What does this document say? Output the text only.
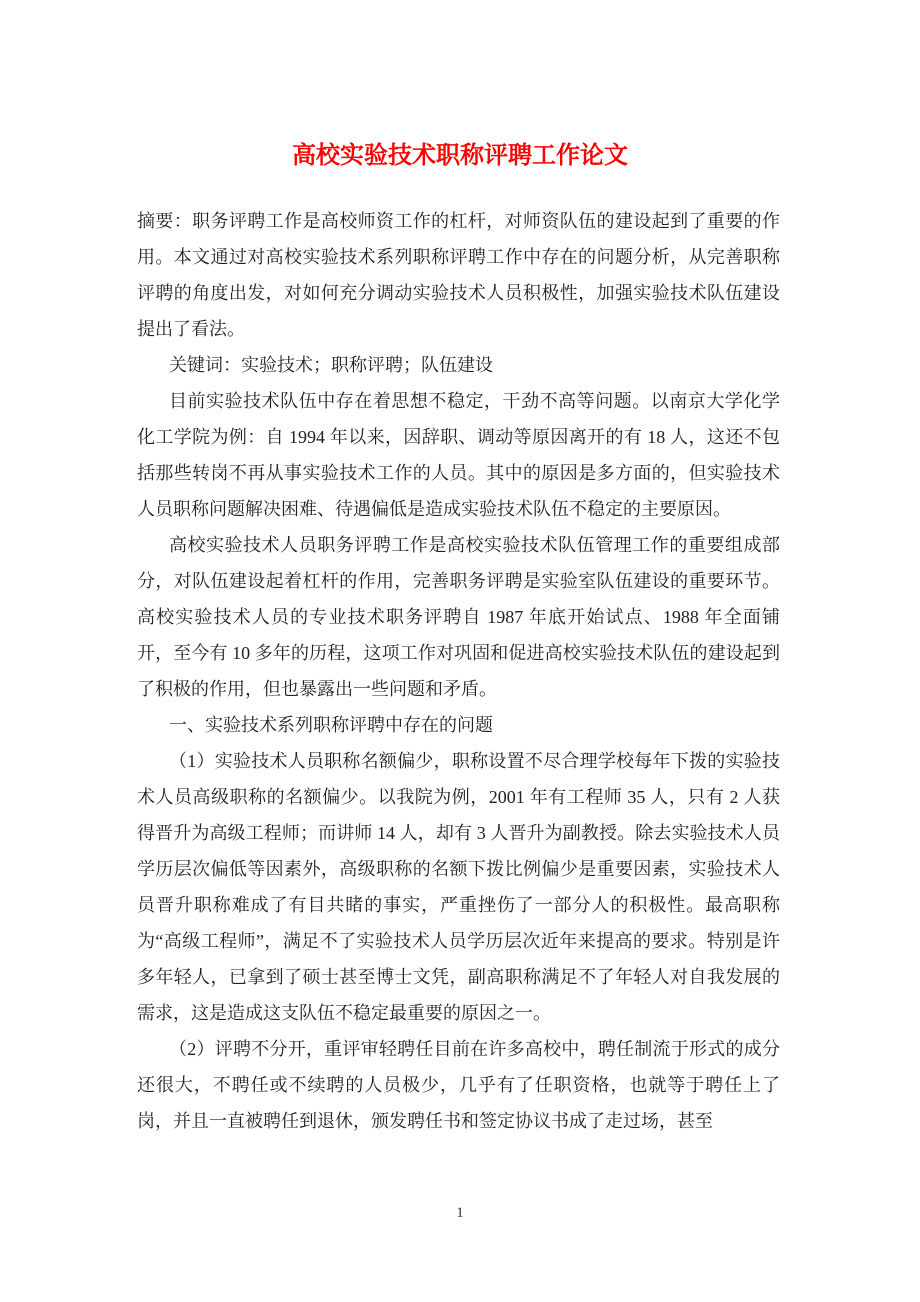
高校实验技术职称评聘工作论文

摘要：职务评聘工作是高校师资工作的杠杆，对师资队伍的建设起到了重要的作用。本文通过对高校实验技术系列职称评聘工作中存在的问题分析，从完善职称评聘的角度出发，对如何充分调动实验技术人员积极性，加强实验技术队伍建设提出了看法。

关键词：实验技术；职称评聘；队伍建设

目前实验技术队伍中存在着思想不稳定，干劲不高等问题。以南京大学化学化工学院为例：自 1994 年以来，因辞职、调动等原因离开的有 18 人，这还不包括那些转岗不再从事实验技术工作的人员。其中的原因是多方面的，但实验技术人员职称问题解决困难、待遇偏低是造成实验技术队伍不稳定的主要原因。

高校实验技术人员职务评聘工作是高校实验技术队伍管理工作的重要组成部分，对队伍建设起着杠杆的作用，完善职务评聘是实验室队伍建设的重要环节。高校实验技术人员的专业技术职务评聘自 1987 年底开始试点、1988 年全面铺开，至今有 10 多年的历程，这项工作对巩固和促进高校实验技术队伍的建设起到了积极的作用，但也暴露出一些问题和矛盾。

一、实验技术系列职称评聘中存在的问题

（1）实验技术人员职称名额偏少，职称设置不尽合理学校每年下拨的实验技术人员高级职称的名额偏少。以我院为例，2001 年有工程师 35 人，只有 2 人获得晋升为高级工程师；而讲师 14 人，却有 3 人晋升为副教授。除去实验技术人员学历层次偏低等因素外，高级职称的名额下拨比例偏少是重要因素，实验技术人员晋升职称难成了有目共睹的事实，严重挫伤了一部分人的积极性。最高职称为“高级工程师”，满足不了实验技术人员学历层次近年来提高的要求。特别是许多年轻人，已拿到了硕士甚至博士文凭，副高职称满足不了年轻人对自我发展的需求，这是造成这支队伍不稳定最重要的原因之一。

（2）评聘不分开，重评审轻聘任目前在许多高校中，聘任制流于形式的成分还很大，不聘任或不续聘的人员极少，几乎有了任职资格，也就等于聘任上了岗，并且一直被聘任到退休，颁发聘任书和签定协议书成了走过场，甚至

1
